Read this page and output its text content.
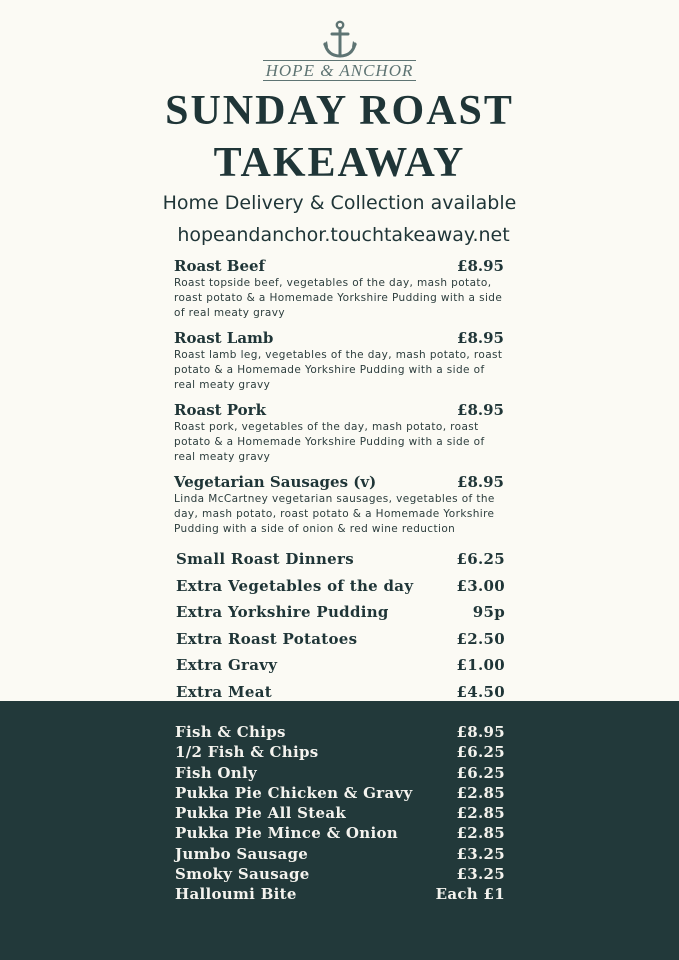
HOPE & ANCHOR
SUNDAY ROAST
TAKEAWAY
Home Delivery & Collection available
hopeandanchor.touchtakeaway.net
Roast Beef	£8.95
Roast topside beef, vegetables of the day, mash potato, roast potato & a Homemade Yorkshire Pudding with a side of real meaty gravy
Roast Lamb	£8.95
Roast lamb leg, vegetables of the day, mash potato, roast potato & a Homemade Yorkshire Pudding with a side of real meaty gravy
Roast Pork	£8.95
Roast pork, vegetables of the day, mash potato, roast potato & a Homemade Yorkshire Pudding with a side of real meaty gravy
Vegetarian Sausages (v)	£8.95
Linda McCartney vegetarian sausages, vegetables of the day, mash potato, roast potato & a Homemade Yorkshire Pudding with a side of onion & red wine reduction
Small Roast Dinners	£6.25
Extra Vegetables of the day	£3.00
Extra Yorkshire Pudding	95p
Extra Roast Potatoes	£2.50
Extra Gravy	£1.00
Extra Meat	£4.50
Fish & Chips	£8.95
1/2 Fish & Chips	£6.25
Fish Only	£6.25
Pukka Pie Chicken & Gravy	£2.85
Pukka Pie All Steak	£2.85
Pukka Pie Mince & Onion	£2.85
Jumbo Sausage	£3.25
Smoky Sausage	£3.25
Halloumi Bite	Each £1
